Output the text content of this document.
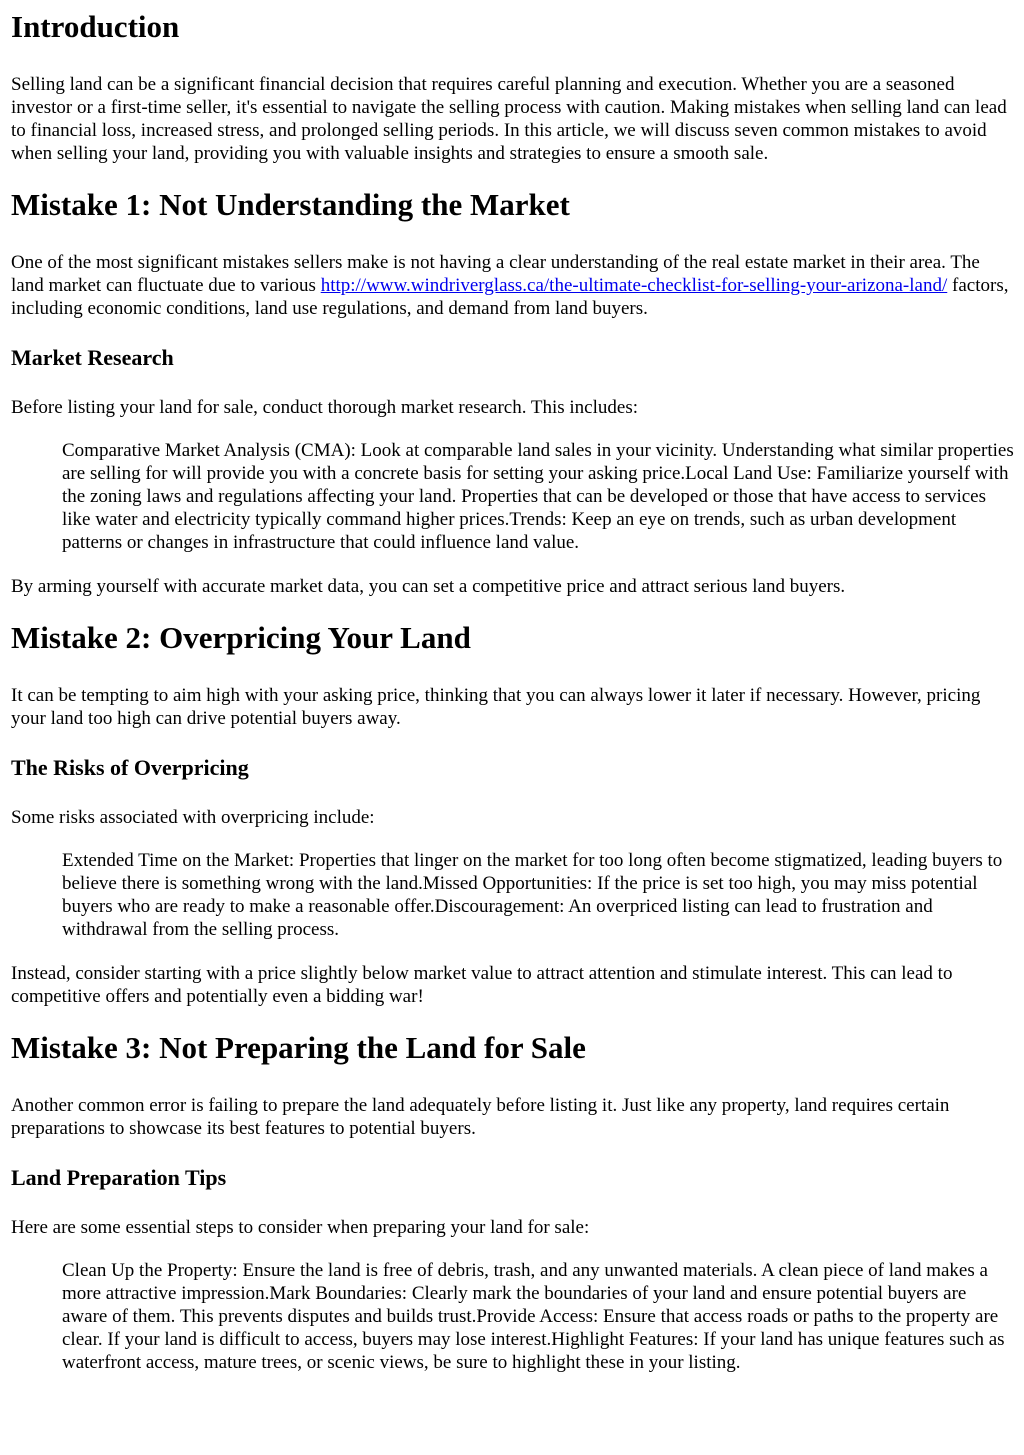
Introduction

Selling land can be a significant financial decision that requires careful planning and execution. Whether you are a seasoned investor or a first-time seller, it's essential to navigate the selling process with caution. Making mistakes when selling land can lead to financial loss, increased stress, and prolonged selling periods. In this article, we will discuss seven common mistakes to avoid when selling your land, providing you with valuable insights and strategies to ensure a smooth sale.

Mistake 1: Not Understanding the Market

One of the most significant mistakes sellers make is not having a clear understanding of the real estate market in their area. The land market can fluctuate due to various http://www.windriverglass.ca/the-ultimate-checklist-for-selling-your-arizona-land/ factors, including economic conditions, land use regulations, and demand from land buyers.

Market Research

Before listing your land for sale, conduct thorough market research. This includes:

Comparative Market Analysis (CMA): Look at comparable land sales in your vicinity. Understanding what similar properties are selling for will provide you with a concrete basis for setting your asking price.Local Land Use: Familiarize yourself with the zoning laws and regulations affecting your land. Properties that can be developed or those that have access to services like water and electricity typically command higher prices.Trends: Keep an eye on trends, such as urban development patterns or changes in infrastructure that could influence land value.

By arming yourself with accurate market data, you can set a competitive price and attract serious land buyers.

Mistake 2: Overpricing Your Land

It can be tempting to aim high with your asking price, thinking that you can always lower it later if necessary. However, pricing your land too high can drive potential buyers away.

The Risks of Overpricing

Some risks associated with overpricing include:

Extended Time on the Market: Properties that linger on the market for too long often become stigmatized, leading buyers to believe there is something wrong with the land.Missed Opportunities: If the price is set too high, you may miss potential buyers who are ready to make a reasonable offer.Discouragement: An overpriced listing can lead to frustration and withdrawal from the selling process.

Instead, consider starting with a price slightly below market value to attract attention and stimulate interest. This can lead to competitive offers and potentially even a bidding war!

Mistake 3: Not Preparing the Land for Sale

Another common error is failing to prepare the land adequately before listing it. Just like any property, land requires certain preparations to showcase its best features to potential buyers.

Land Preparation Tips

Here are some essential steps to consider when preparing your land for sale:

Clean Up the Property: Ensure the land is free of debris, trash, and any unwanted materials. A clean piece of land makes a more attractive impression.Mark Boundaries: Clearly mark the boundaries of your land and ensure potential buyers are aware of them. This prevents disputes and builds trust.Provide Access: Ensure that access roads or paths to the property are clear. If your land is difficult to access, buyers may lose interest.Highlight Features: If your land has unique features such as waterfront access, mature trees, or scenic views, be sure to highlight these in your listing.
